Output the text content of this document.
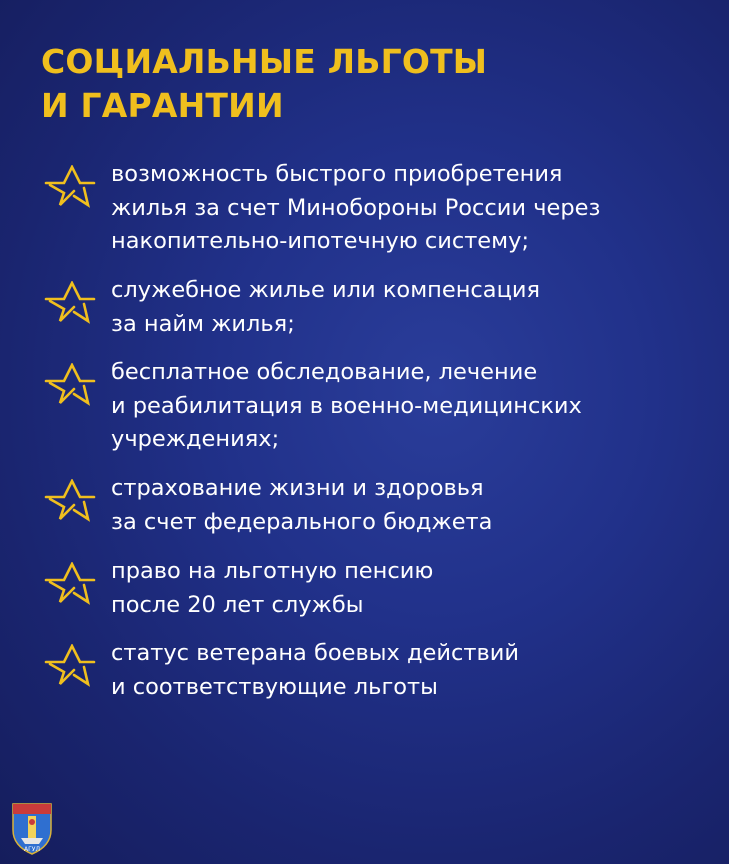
СОЦИАЛЬНЫЕ ЛЬГОТЫ
И ГАРАНТИИ
возможность быстрого приобретения
жилья за счет Минобороны России через
накопительно-ипотечную систему;
служебное жилье или компенсация
за найм жилья;
бесплатное обследование, лечение
и реабилитация в военно-медицинских
учреждениях;
страхование жизни и здоровья
за счет федерального бюджета
право на льготную пенсию
после 20 лет службы
статус ветерана боевых действий
и соответствующие льготы
АГУЛ
